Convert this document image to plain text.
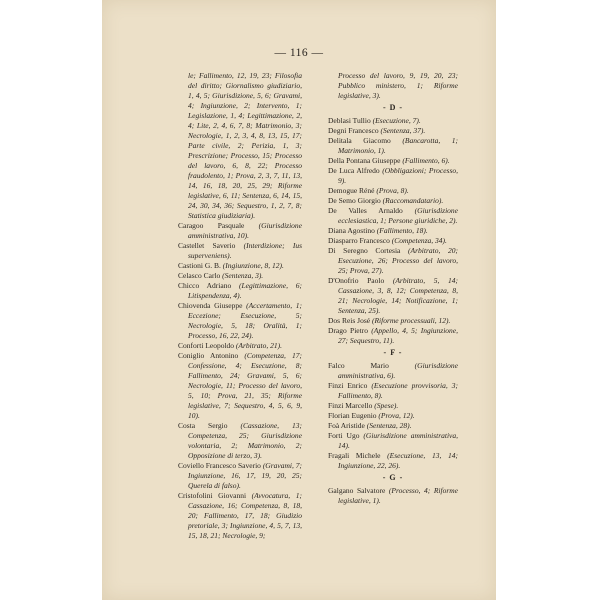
— 116 —

le; Fallimento, 12, 19, 23; Filosofia del diritto; Giornalismo giudiziario, 1, 4, 5; Giurisdizione, 5, 6; Gravami, 4; Ingiunzione, 2; Intervento, 1; Legislazione, 1, 4; Legittimazione, 2, 4; Lite, 2, 4, 6, 7, 8; Matrimonio, 3; Necrologie, 1, 2, 3, 4, 8, 13, 15, 17; Parte civile, 2; Perizia, 1, 3; Prescrizione; Processo, 15; Processo del lavoro, 6, 8, 22; Processo fraudolento, 1; Prova, 2, 3, 7, 11, 13, 14, 16, 18, 20, 25, 29; Riforme legislative, 6, 11; Sentenza, 6, 14, 15, 24, 30, 34, 36; Sequestro, 1, 2, 7, 8; Statistica giudiziaria).

Caragoo Pasquale (Giurisdizione amministrativa, 10).

Castellet Saverio (Interdizione; Ius superveniens).

Castioni G. B. (Ingiunzione, 8, 12).

Celasco Carlo (Sentenza, 3).

Chicco Adriano (Legittimazione, 6; Litispendenza, 4).

Chiovenda Giuseppe (Accertamento, 1; Eccezione; Esecuzione, 5; Necrologie, 5, 18; Oralità, 1; Processo, 16, 22, 24).

Conforti Leopoldo (Arbitrato, 21).

Coniglio Antonino (Competenza, 17; Confessione, 4; Esecuzione, 8; Fallimento, 24; Gravami, 5, 6; Necrologie, 11; Processo del lavoro, 5, 10; Prova, 21, 35; Riforme legislative, 7; Sequestro, 4, 5, 6, 9, 10).

Costa Sergio (Cassazione, 13; Competenza, 25; Giurisdizione volontaria, 2; Matrimonio, 2; Opposizione di terzo, 3).

Coviello Francesco Saverio (Gravami, 7; Ingiunzione, 16, 17, 19, 20, 25; Querela di falso).

Cristofolini Giovanni (Avvocatura, 1; Cassazione, 16; Competenza, 8, 18, 20; Fallimento, 17, 18; Giudizio pretoriale, 3; Ingiunzione, 4, 5, 7, 13, 15, 18, 21; Necrologie, 9;

Processo del lavoro, 9, 19, 20, 23; Pubblico ministero, 1; Riforme legislative, 3).

- D -

Deblasi Tullio (Esecuzione, 7).

Degni Francesco (Sentenza, 37).

Delitala Giacomo (Bancarotta, 1; Matrimonio, 1).

Della Pontana Giuseppe (Fallimento, 6).

De Luca Alfredo (Obbligazioni; Processo, 9).

Demogue Réné (Prova, 8).

De Semo Giorgio (Raccomandatario).

De Valles Arnaldo (Giurisdizione ecclesiastica, 1; Persone giuridiche, 2).

Diana Agostino (Fallimento, 18).

Diasparro Francesco (Competenza, 34).

Di Seregno Cortesia (Arbitrato, 20; Esecuzione, 26; Processo del lavoro, 25; Prova, 27).

D'Onofrio Paolo (Arbitrato, 5, 14; Cassazione, 3, 8, 12; Competenza, 8, 21; Necrologie, 14; Notificazione, 1; Sentenza, 25).

Dos Reis José (Riforme processuali, 12).

Drago Pietro (Appello, 4, 5; Ingiunzione, 27; Sequestro, 11).

- F -

Falco Mario	(Giurisdizione amministrativa, 6).

Finzi Enrico (Esecuzione provvisoria, 3; Fallimento, 8).

Finzi Marcello (Spese).

Florian Eugenio (Prova, 12).

Foà Aristide (Sentenza, 28).

Forti Ugo (Giurisdizione amministrativa, 14).

Fragali Michele (Esecuzione, 13, 14; Ingiunzione, 22, 26).

- G -

Galgano Salvatore (Processo, 4; Riforme legislative, 1).
